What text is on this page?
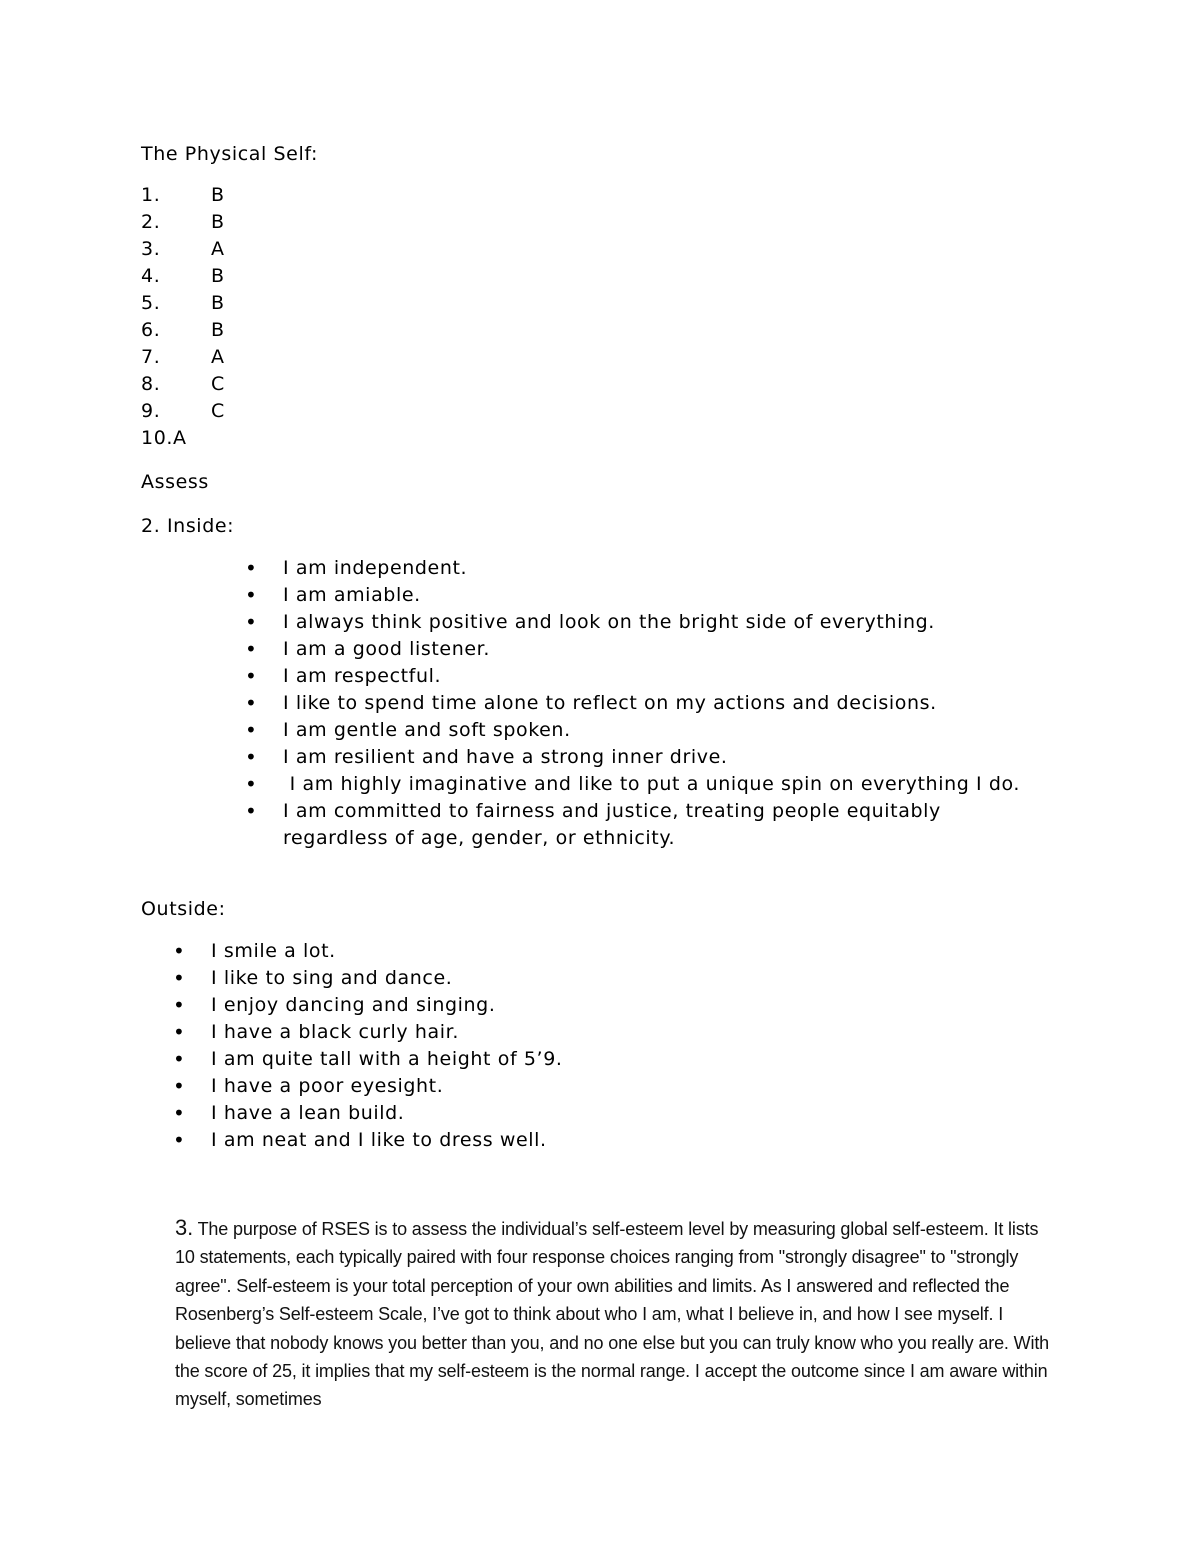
The Physical Self:

1.	B
2.	B
3.	A
4.	B
5.	B
6.	B
7.	A
8.	C
9.	C
10.A

Assess

2. Inside:

• I am independent.
• I am amiable.
• I always think positive and look on the bright side of everything.
• I am a good listener.
• I am respectful.
• I like to spend time alone to reflect on my actions and decisions.
• I am gentle and soft spoken.
• I am resilient and have a strong inner drive.
• I am highly imaginative and like to put a unique spin on everything I do.
• I am committed to fairness and justice, treating people equitably regardless of age, gender, or ethnicity.

Outside:

• I smile a lot.
• I like to sing and dance.
• I enjoy dancing and singing.
• I have a black curly hair.
• I am quite tall with a height of 5’9.
• I have a poor eyesight.
• I have a lean build.
• I am neat and I like to dress well.

3. The purpose of RSES is to assess the individual’s self-esteem level by measuring global self-esteem. It lists 10 statements, each typically paired with four response choices ranging from "strongly disagree" to "strongly agree". Self-esteem is your total perception of your own abilities and limits. As I answered and reflected the Rosenberg’s Self-esteem Scale, I’ve got to think about who I am, what I believe in, and how I see myself. I believe that nobody knows you better than you, and no one else but you can truly know who you really are. With the score of 25, it implies that my self-esteem is the normal range. I accept the outcome since I am aware within myself, sometimes
